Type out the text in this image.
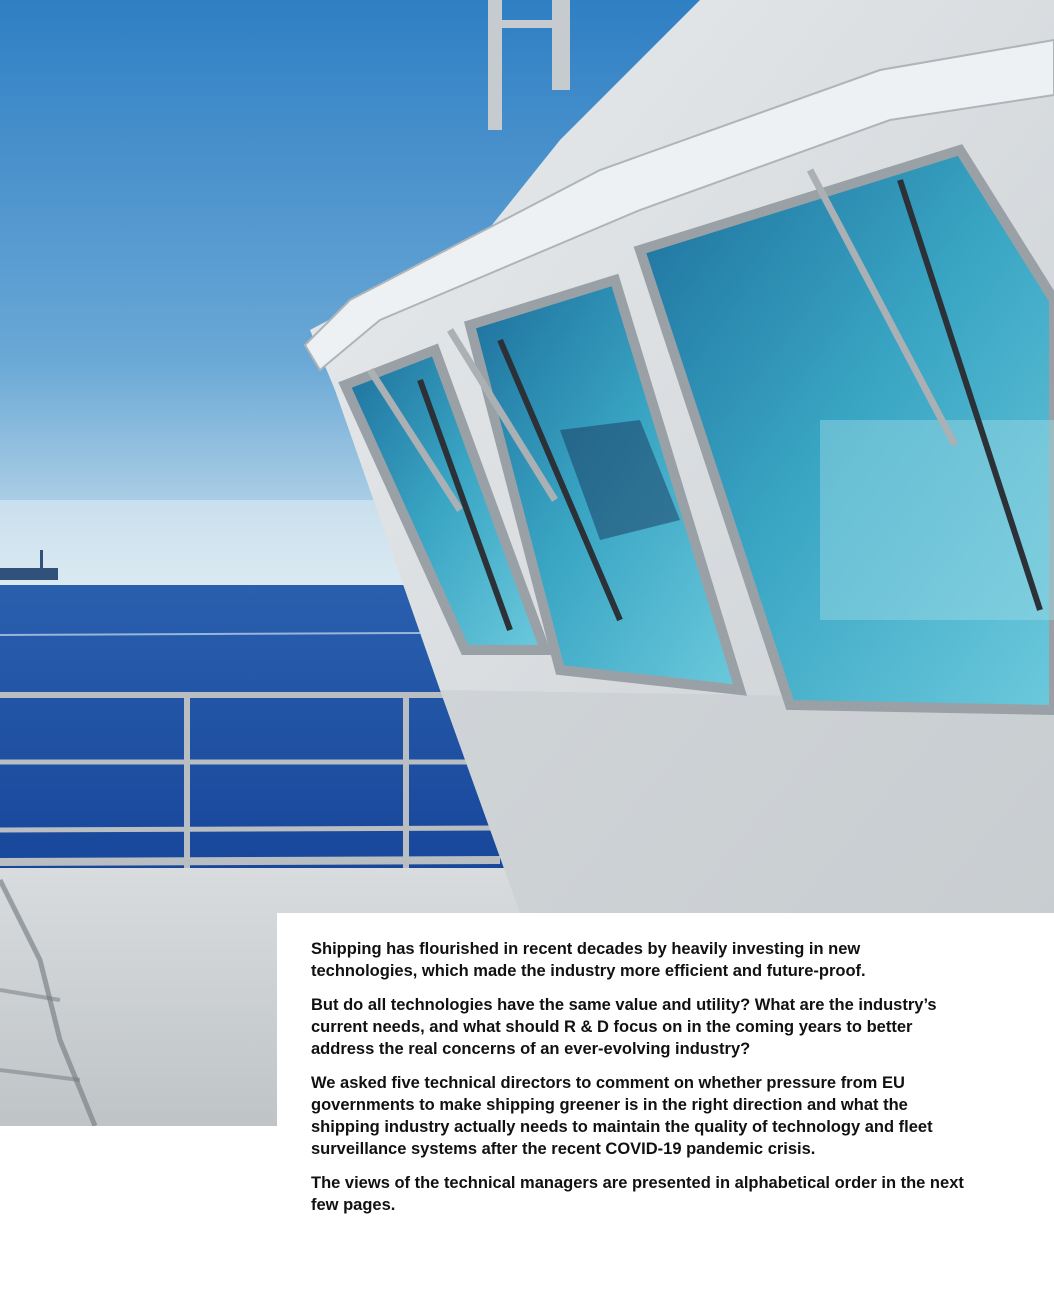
Shipping has flourished in recent decades by heavily investing in new technologies, which made the industry more efficient and future-proof.

But do all technologies have the same value and utility? What are the industry’s current needs, and what should R & D focus on in the coming years to better address the real concerns of an ever-evolving industry?

We asked five technical directors to comment on whether pressure from EU governments to make shipping greener is in the right direction and what the shipping industry actually needs to maintain the quality of technology and fleet surveillance systems after the recent COVID-19 pandemic crisis.

The views of the technical managers are presented in alphabetical order in the next few pages.
